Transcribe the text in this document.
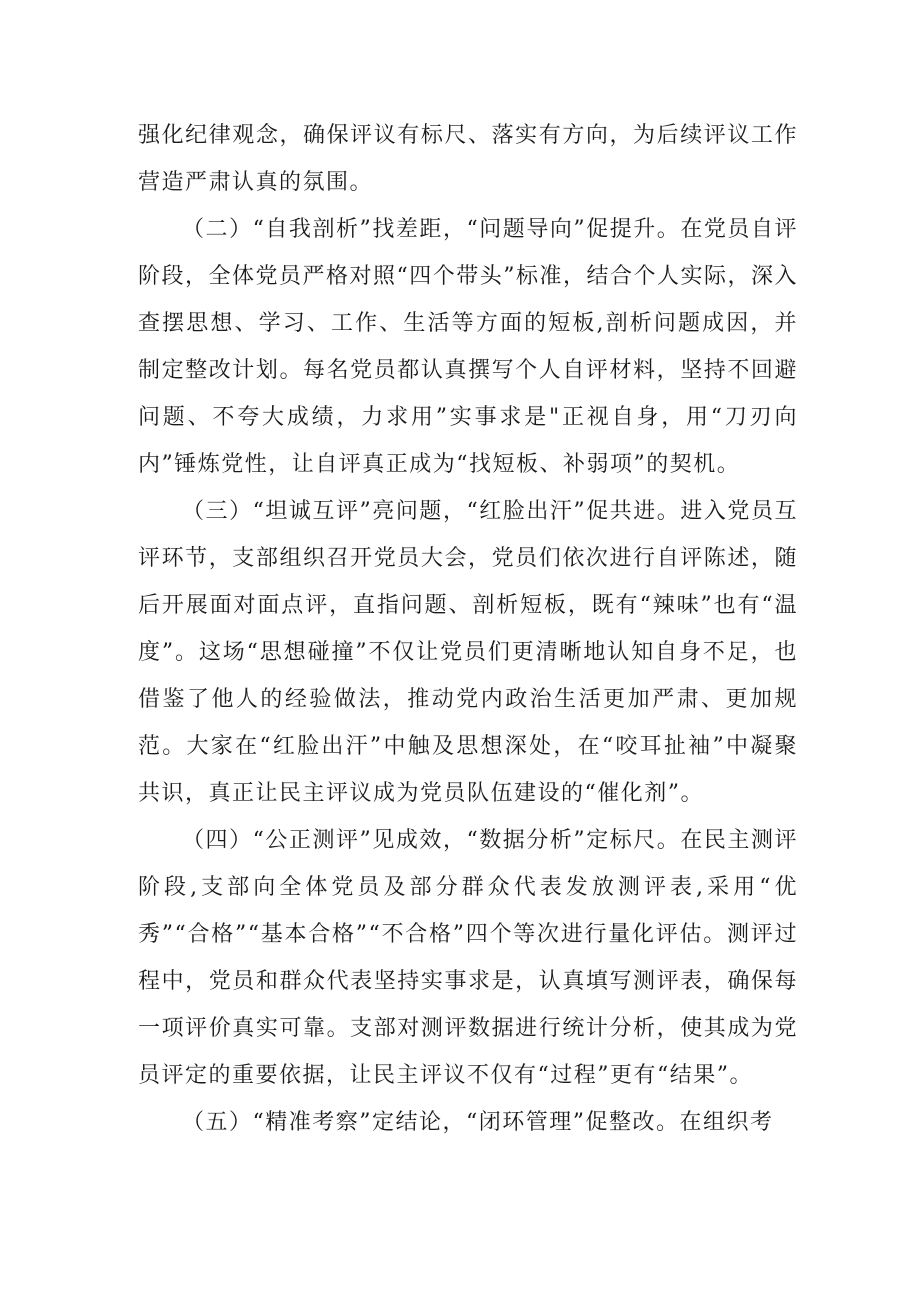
强化纪律观念，确保评议有标尺、落实有方向，为后续评议工作营造严肃认真的氛围。

（二）“自我剖析”找差距，“问题导向”促提升。在党员自评阶段，全体党员严格对照“四个带头”标准，结合个人实际，深入查摆思想、学习、工作、生活等方面的短板,剖析问题成因，并制定整改计划。每名党员都认真撰写个人自评材料，坚持不回避问题、不夸大成绩，力求用”实事求是"正视自身，用“刀刃向内”锤炼党性，让自评真正成为“找短板、补弱项”的契机。

（三）“坦诚互评”亮问题，“红脸出汗”促共进。进入党员互评环节，支部组织召开党员大会，党员们依次进行自评陈述，随后开展面对面点评，直指问题、剖析短板，既有“辣味”也有“温度”。这场“思想碰撞”不仅让党员们更清晰地认知自身不足，也借鉴了他人的经验做法，推动党内政治生活更加严肃、更加规范。大家在“红脸出汗”中触及思想深处，在“咬耳扯袖”中凝聚共识，真正让民主评议成为党员队伍建设的“催化剂”。

（四）“公正测评”见成效，“数据分析”定标尺。在民主测评阶段,支部向全体党员及部分群众代表发放测评表,采用“优秀”“合格”“基本合格”“不合格”四个等次进行量化评估。测评过程中，党员和群众代表坚持实事求是，认真填写测评表，确保每一项评价真实可靠。支部对测评数据进行统计分析，使其成为党员评定的重要依据，让民主评议不仅有“过程”更有“结果”。

（五）“精准考察”定结论，“闭环管理”促整改。在组织考
